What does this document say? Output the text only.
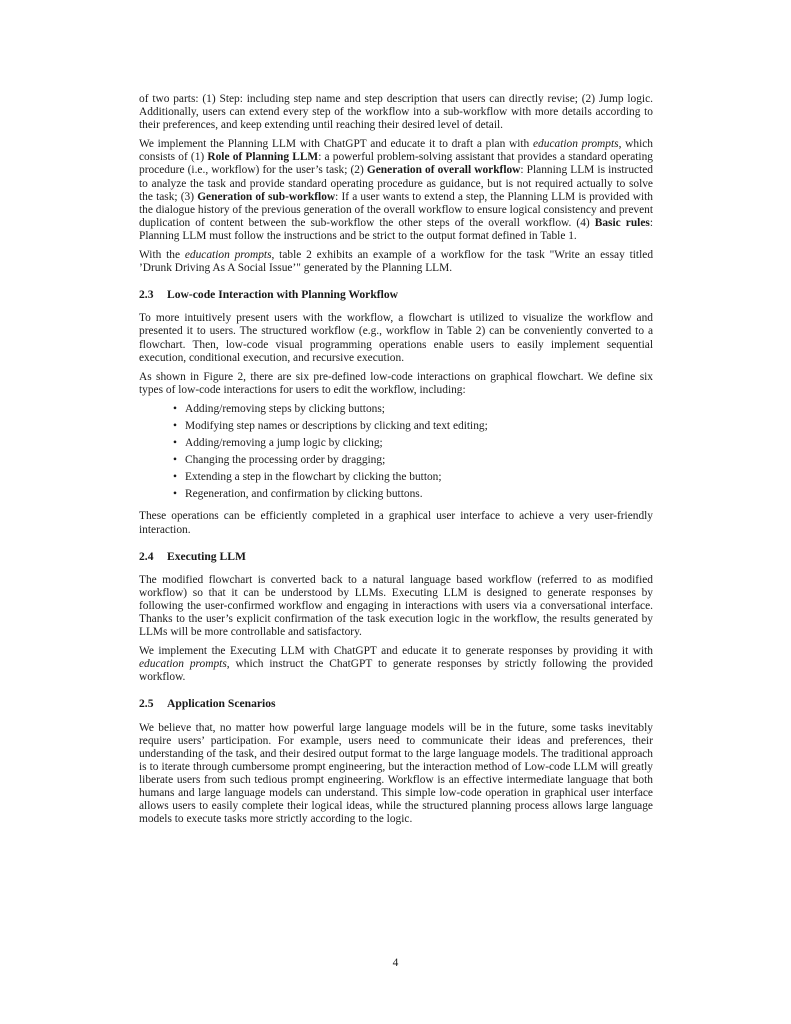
of two parts: (1) Step: including step name and step description that users can directly revise; (2) Jump logic. Additionally, users can extend every step of the workflow into a sub-workflow with more details according to their preferences, and keep extending until reaching their desired level of detail.

We implement the Planning LLM with ChatGPT and educate it to draft a plan with education prompts, which consists of (1) Role of Planning LLM: a powerful problem-solving assistant that provides a standard operating procedure (i.e., workflow) for the user’s task; (2) Generation of overall workflow: Planning LLM is instructed to analyze the task and provide standard operating procedure as guidance, but is not required actually to solve the task; (3) Generation of sub-workflow: If a user wants to extend a step, the Planning LLM is provided with the dialogue history of the previous generation of the overall workflow to ensure logical consistency and prevent duplication of content between the sub-workflow the other steps of the overall workflow. (4) Basic rules: Planning LLM must follow the instructions and be strict to the output format defined in Table 1.

With the education prompts, table 2 exhibits an example of a workflow for the task "Write an essay titled ’Drunk Driving As A Social Issue’" generated by the Planning LLM.

2.3 Low-code Interaction with Planning Workflow

To more intuitively present users with the workflow, a flowchart is utilized to visualize the workflow and presented it to users. The structured workflow (e.g., workflow in Table 2) can be conveniently converted to a flowchart. Then, low-code visual programming operations enable users to easily implement sequential execution, conditional execution, and recursive execution.

As shown in Figure 2, there are six pre-defined low-code interactions on graphical flowchart. We define six types of low-code interactions for users to edit the workflow, including:

• Adding/removing steps by clicking buttons;
• Modifying step names or descriptions by clicking and text editing;
• Adding/removing a jump logic by clicking;
• Changing the processing order by dragging;
• Extending a step in the flowchart by clicking the button;
• Regeneration, and confirmation by clicking buttons.

These operations can be efficiently completed in a graphical user interface to achieve a very user-friendly interaction.

2.4 Executing LLM

The modified flowchart is converted back to a natural language based workflow (referred to as modified workflow) so that it can be understood by LLMs. Executing LLM is designed to generate responses by following the user-confirmed workflow and engaging in interactions with users via a conversational interface. Thanks to the user’s explicit confirmation of the task execution logic in the workflow, the results generated by LLMs will be more controllable and satisfactory.

We implement the Executing LLM with ChatGPT and educate it to generate responses by providing it with education prompts, which instruct the ChatGPT to generate responses by strictly following the provided workflow.

2.5 Application Scenarios

We believe that, no matter how powerful large language models will be in the future, some tasks inevitably require users’ participation. For example, users need to communicate their ideas and preferences, their understanding of the task, and their desired output format to the large language models. The traditional approach is to iterate through cumbersome prompt engineering, but the interaction method of Low-code LLM will greatly liberate users from such tedious prompt engineering. Workflow is an effective intermediate language that both humans and large language models can understand. This simple low-code operation in graphical user interface allows users to easily complete their logical ideas, while the structured planning process allows large language models to execute tasks more strictly according to the logic.

4
